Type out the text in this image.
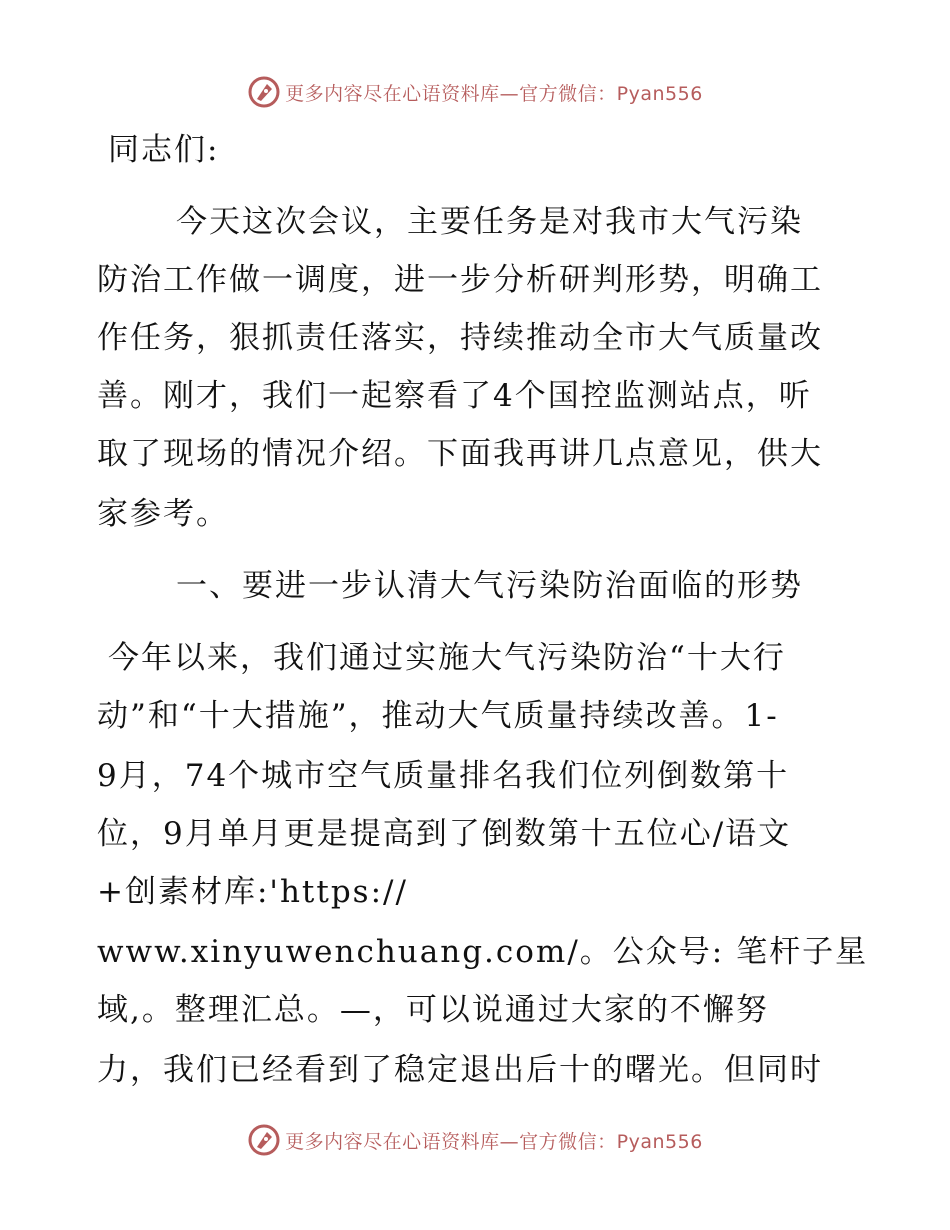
更多内容尽在心语资料库—官方微信：Pyan556
同志们:
今天这次会议，主要任务是对我市大气污染
防治工作做一调度，进一步分析研判形势，明确工
作任务，狠抓责任落实，持续推动全市大气质量改
善。刚才，我们一起察看了4个国控监测站点，听
取了现场的情况介绍。下面我再讲几点意见，供大
家参考。
一、要进一步认清大气污染防治面临的形势
今年以来，我们通过实施大气污染防治“十大行
动”和“十大措施”，推动大气质量持续改善。1-
9月，74个城市空气质量排名我们位列倒数第十
位，9月单月更是提高到了倒数第十五位心/语文
+创素材库:'https://
www.xinyuwenchuang.com/。公众号: 笔杆子星
域,。整理汇总。—，可以说通过大家的不懈努
力，我们已经看到了稳定退出后十的曙光。但同时
更多内容尽在心语资料库—官方微信：Pyan556
